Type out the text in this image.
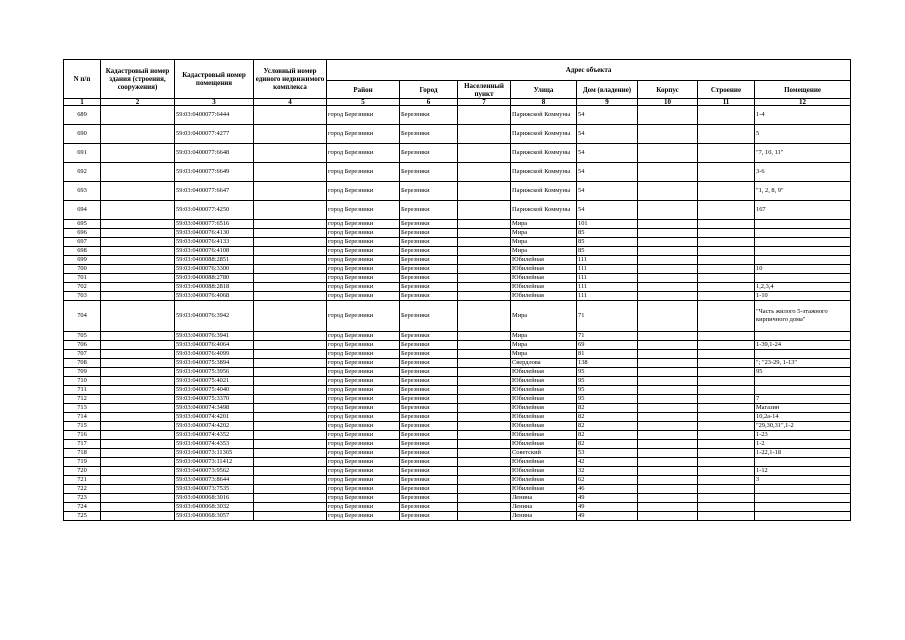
N п/п	Кадастровый номер здания (строения, сооружения)	Кадастровый номер помещения	Условный номер единого недвижимого комплекса	Адрес объекта							
				Район	Город	Населенный пункт	Улица	Дом (владение)	Корпус	Строение	Помещение
1	2	3	4	5	6	7	8	9	10	11	12
689		59:03:0400077:6444		город Березники	Березники		Парижской Коммуны	54			1-4
690		59:03:0400077:4277		город Березники	Березники		Парижской Коммуны	54			5
691		59:03:0400077:6648		город Березники	Березники		Парижской Коммуны	54			"7, 10, 11"
692		59:03:0400077:6649		город Березники	Березники		Парижской Коммуны	54			3-6
693		59:03:0400077:6647		город Березники	Березники		Парижской Коммуны	54			"1, 2, 8, 9"
694		59:03:0400077:4250		город Березники	Березники		Парижской Коммуны	54			167
695		59:03:0400077:6516		город Березники	Березники		Мира	101			
696		59:03:0400076:4130		город Березники	Березники		Мира	85			
697		59:03:0400076:4133		город Березники	Березники		Мира	85			
698		59:03:0400076:4108		город Березники	Березники		Мира	85			
699		59:03:0400088:2851		город Березники	Березники		Юбилейная	111			
700		59:03:0400076:3300		город Березники	Березники		Юбилейная	111			10
701		59:03:0400088:2780		город Березники	Березники		Юбилейная	111			
702		59:03:0400088:2818		город Березники	Березники		Юбилейная	111			1,2,3,4
703		59:03:0400076:4068		город Березники	Березники		Юбилейная	111			1-10
704		59:03:0400076:3942		город Березники	Березники		Мира	71			"Часть жилого 5-этажного кирпичного дома"
705		59:03:0400076:3941		город Березники	Березники		Мира	71			
706		59:03:0400076:4064		город Березники	Березники		Мира	69			1-39,1-24
707		59:03:0400076:4099		город Березники	Березники		Мира	81			
708		59:03:0400075:3894		город Березники	Березники		Свердлова	138			"; "23-29, 1-13"
709		59:03:0400075:3956		город Березники	Березники		Юбилейная	95			95
710		59:03:0400075:4021		город Березники	Березники		Юбилейная	95			
711		59:03:0400075:4040		город Березники	Березники		Юбилейная	95			
712		59:03:0400075:3370		город Березники	Березники		Юбилейная	95			7
713		59:03:0400074:3498		город Березники	Березники		Юбилейная	82			Магазин
714		59:03:0400074:4201		город Березники	Березники		Юбилейная	82			10,2а-14
715		59:03:0400074:4202		город Березники	Березники		Юбилейная	82			"29,30,31",1-2
716		59:03:0400074:4352		город Березники	Березники		Юбилейная	82			1-23
717		59:03:0400074:4353		город Березники	Березники		Юбилейная	82			1-2
718		59:03:0400073:11365		город Березники	Березники		Советский	53			1-22,1-18
719		59:03:0400073:11412		город Березники	Березники		Юбилейная	42			
720		59:03:0400073:9562		город Березники	Березники		Юбилейная	32			1-12
721		59:03:0400073:8644		город Березники	Березники		Юбилейная	62			3
722		59:03:0400073:7535		город Березники	Березники		Юбилейная	46			
723		59:03:0400068:3016		город Березники	Березники		Ленина	49			
724		59:03:0400068:3032		город Березники	Березники		Ленина	49			
725		59:03:0400068:3057		город Березники	Березники		Ленина	49			
